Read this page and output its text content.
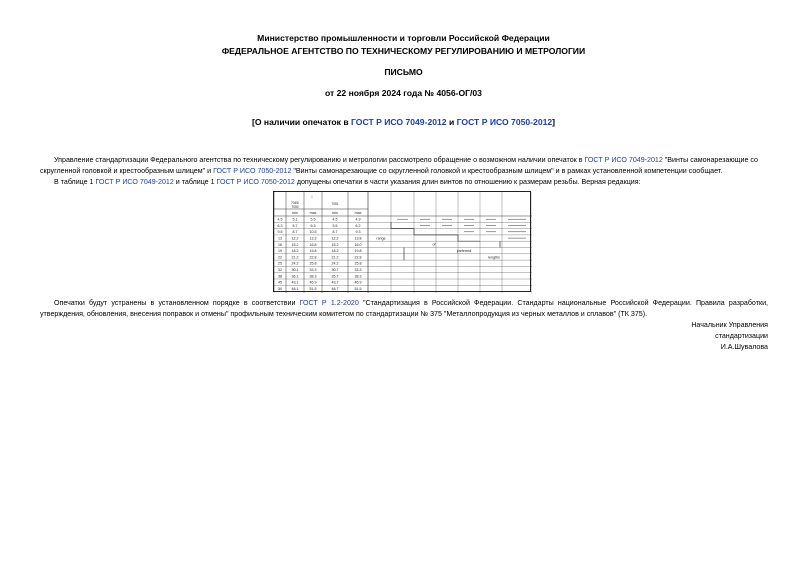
Министерство промышленности и торговли Российской Федерации
ФЕДЕРАЛЬНОЕ АГЕНТСТВО ПО ТЕХНИЧЕСКОМУ РЕГУЛИРОВАНИЮ И МЕТРОЛОГИИ
ПИСЬМО
от 22 ноября 2024 года № 4056-ОГ/03
[О наличии опечаток в ГОСТ Р ИСО 7049-2012 и ГОСТ Р ИСО 7050-2012]
Управление стандартизации Федерального агентства по техническому регулированию и метрологии рассмотрело обращение о возможном наличии опечаток в ГОСТ Р ИСО 7049-2012 "Винты самонарезающие со скругленной головкой и крестообразным шлицем" и ГОСТ Р ИСО 7050-2012 "Винты самонарезающие со скругленной головкой и крестообразным шлицем" и в рамках установленной компетенции сообщает.
В таблице 1 ГОСТ Р ИСО 7049-2012 и таблице 1 ГОСТ Р ИСО 7050-2012 допущены опечатки в части указания длин винтов по отношению к размерам резьбы. Верная редакция:
l
7049/
7050
7051
min	max	min	max
4.5	5.1	5.5	4.5	4.9
6.3	5.7	6.3	5.5	6.2
9.5	8.7	10.5	8.7	9.3
13	12.2	13.3	12.2	13.8
16	15.2	16.8	15.2	16.0
19	18.2	19.8	18.2	19.8
22	21.2	22.8	21.2	22.8
25	24.2	25.8	24.2	25.8
32	30.1	33.3	30.7	33.3
38	36.1	38.3	35.7	38.3
45	43.1	46.9	43.7	46.9
50	48.1	51.5	48.7	51.5
range
of
preferred
lengths
Опечатки будут устранены в установленном порядке в соответствии ГОСТ Р 1.2-2020 "Стандартизация в Российской Федерации. Стандарты национальные Российской Федерации. Правила разработки, утверждения, обновления, внесения поправок и отмены" профильным техническим комитетом по стандартизации № 375 "Металлопродукция из черных металлов и сплавов" (ТК 375).
Начальник Управления
стандартизации
И.А.Шувалова
